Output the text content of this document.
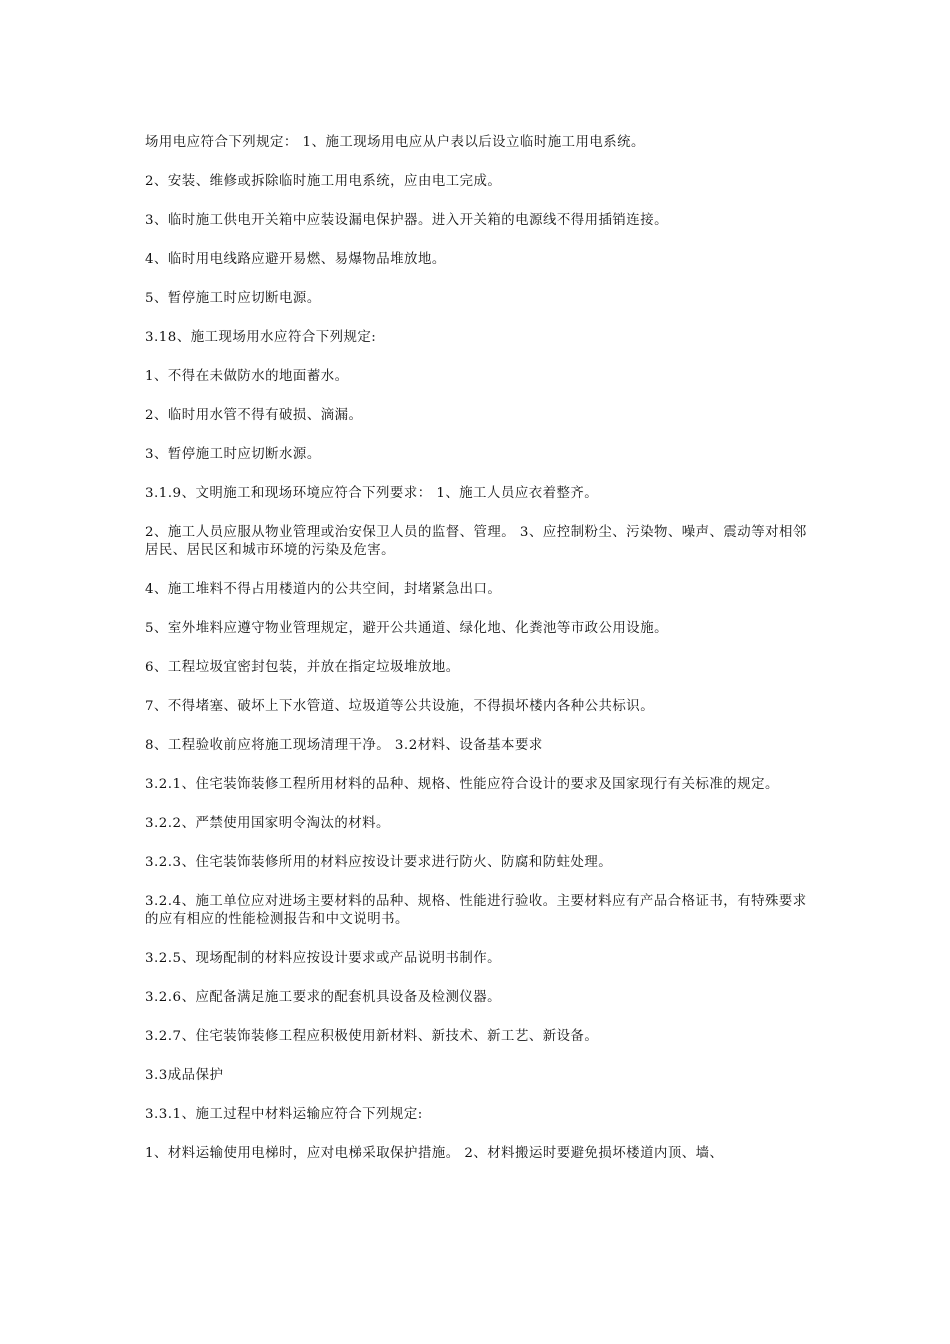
场用电应符合下列规定： 1、施工现场用电应从户表以后设立临时施工用电系统。

2、安装、维修或拆除临时施工用电系统，应由电工完成。

3、临时施工供电开关箱中应装设漏电保护器。进入开关箱的电源线不得用插销连接。

4、临时用电线路应避开易燃、易爆物品堆放地。

5、暂停施工时应切断电源。

3.18、施工现场用水应符合下列规定:

1、不得在未做防水的地面蓄水。

2、临时用水管不得有破损、滴漏。

3、暂停施工时应切断水源。

3.1.9、文明施工和现场环境应符合下列要求： 1、施工人员应衣着整齐。

2、施工人员应服从物业管理或治安保卫人员的监督、管理。 3、应控制粉尘、污染物、噪声、震动等对相邻居民、居民区和城市环境的污染及危害。

4、施工堆料不得占用楼道内的公共空间，封堵紧急出口。

5、室外堆料应遵守物业管理规定，避开公共通道、绿化地、化粪池等市政公用设施。

6、工程垃圾宜密封包装，并放在指定垃圾堆放地。

7、不得堵塞、破坏上下水管道、垃圾道等公共设施，不得损坏楼内各种公共标识。

8、工程验收前应将施工现场清理干净。 3.2材料、设备基本要求

3.2.1、住宅装饰装修工程所用材料的品种、规格、性能应符合设计的要求及国家现行有关标准的规定。

3.2.2、严禁使用国家明令淘汰的材料。

3.2.3、住宅装饰装修所用的材料应按设计要求进行防火、防腐和防蛀处理。

3.2.4、施工单位应对进场主要材料的品种、规格、性能进行验收。主要材料应有产品合格证书，有特殊要求的应有相应的性能检测报告和中文说明书。

3.2.5、现场配制的材料应按设计要求或产品说明书制作。

3.2.6、应配备满足施工要求的配套机具设备及检测仪器。

3.2.7、住宅装饰装修工程应积极使用新材料、新技术、新工艺、新设备。

3.3成品保护

3.3.1、施工过程中材料运输应符合下列规定:

1、材料运输使用电梯时，应对电梯采取保护措施。 2、材料搬运时要避免损坏楼道内顶、墙、
